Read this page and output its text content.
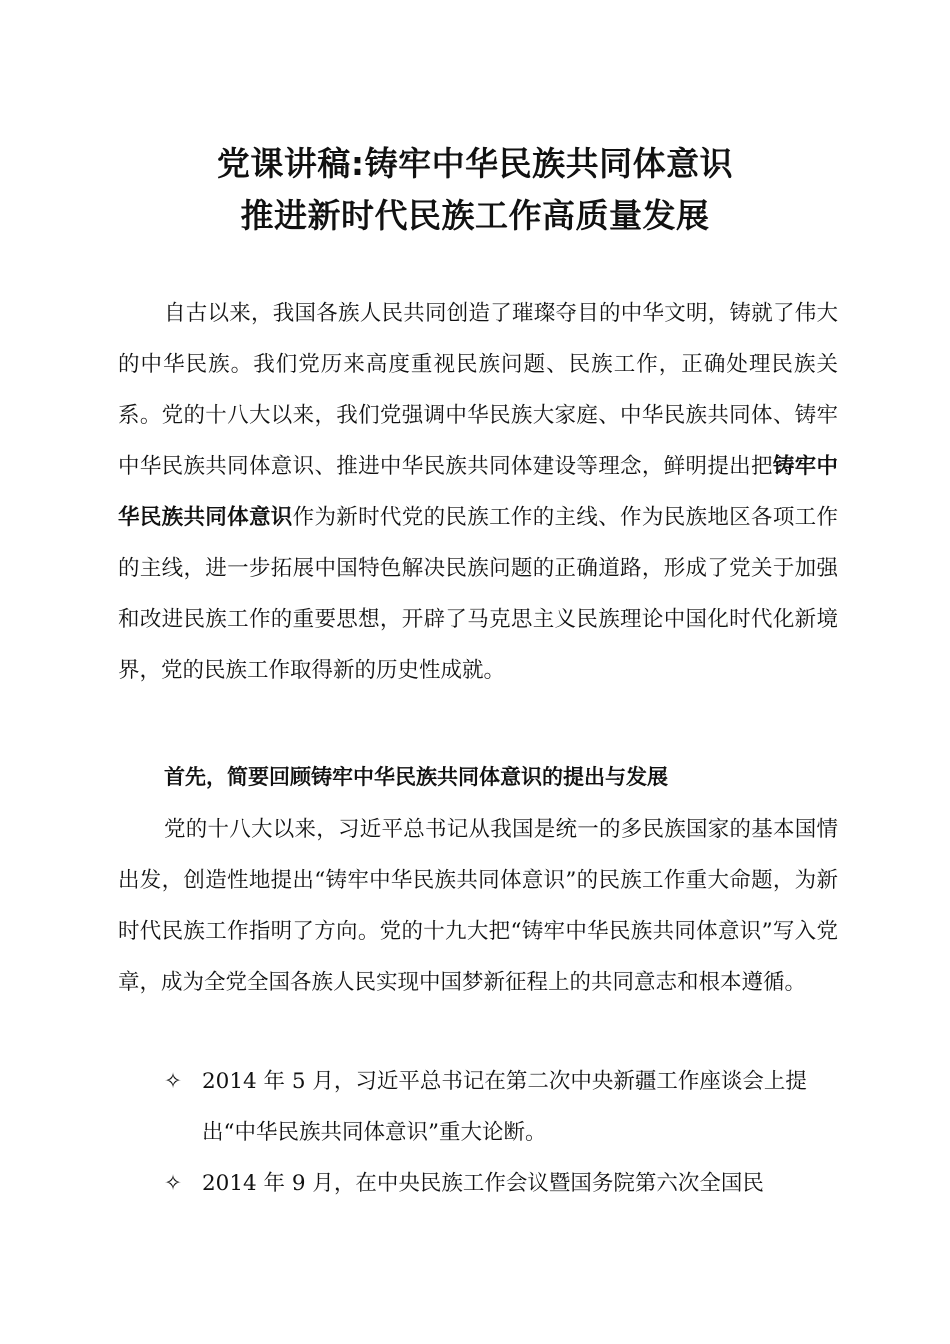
党课讲稿:铸牢中华民族共同体意识
推进新时代民族工作高质量发展

自古以来，我国各族人民共同创造了璀璨夺目的中华文明，铸就了伟大的中华民族。我们党历来高度重视民族问题、民族工作，正确处理民族关系。党的十八大以来，我们党强调中华民族大家庭、中华民族共同体、铸牢中华民族共同体意识、推进中华民族共同体建设等理念，鲜明提出把铸牢中华民族共同体意识作为新时代党的民族工作的主线、作为民族地区各项工作的主线，进一步拓展中国特色解决民族问题的正确道路，形成了党关于加强和改进民族工作的重要思想，开辟了马克思主义民族理论中国化时代化新境界，党的民族工作取得新的历史性成就。

首先，简要回顾铸牢中华民族共同体意识的提出与发展

党的十八大以来，习近平总书记从我国是统一的多民族国家的基本国情出发，创造性地提出“铸牢中华民族共同体意识”的民族工作重大命题，为新时代民族工作指明了方向。党的十九大把“铸牢中华民族共同体意识”写入党章，成为全党全国各族人民实现中国梦新征程上的共同意志和根本遵循。

✧ 2014 年 5 月，习近平总书记在第二次中央新疆工作座谈会上提出“中华民族共同体意识”重大论断。
✧ 2014 年 9 月，在中央民族工作会议暨国务院第六次全国民
